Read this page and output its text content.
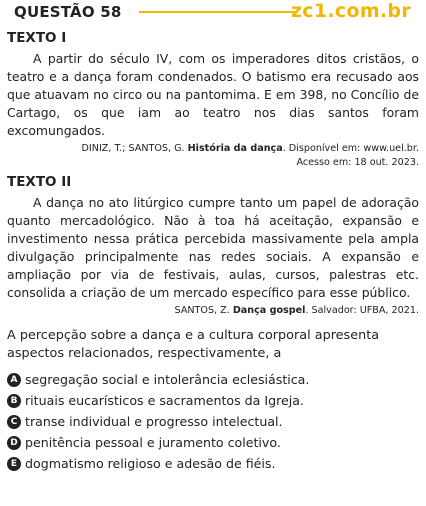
QUESTÃO 58	zc1.com.br
TEXTO I

A partir do século IV, com os imperadores ditos cristãos, o teatro e a dança foram condenados. O batismo era recusado aos que atuavam no circo ou na pantomima. E em 398, no Concílio de Cartago, os que iam ao teatro nos dias santos foram excomungados.

DINIZ, T.; SANTOS, G. História da dança. Disponível em: www.uel.br.
Acesso em: 18 out. 2023.
TEXTO II

A dança no ato litúrgico cumpre tanto um papel de adoração quanto mercadológico. Não à toa há aceitação, expansão e investimento nessa prática percebida massivamente pela ampla divulgação principalmente nas redes sociais. A expansão e ampliação por via de festivais, aulas, cursos, palestras etc. consolida a criação de um mercado específico para esse público.

SANTOS, Z. Dança gospel. Salvador: UFBA, 2021.
A percepção sobre a dança e a cultura corporal apresenta aspectos relacionados, respectivamente, a
A segregação social e intolerância eclesiástica.
B rituais eucarísticos e sacramentos da Igreja.
C transe individual e progresso intelectual.
D penitência pessoal e juramento coletivo.
E dogmatismo religioso e adesão de fiéis.
